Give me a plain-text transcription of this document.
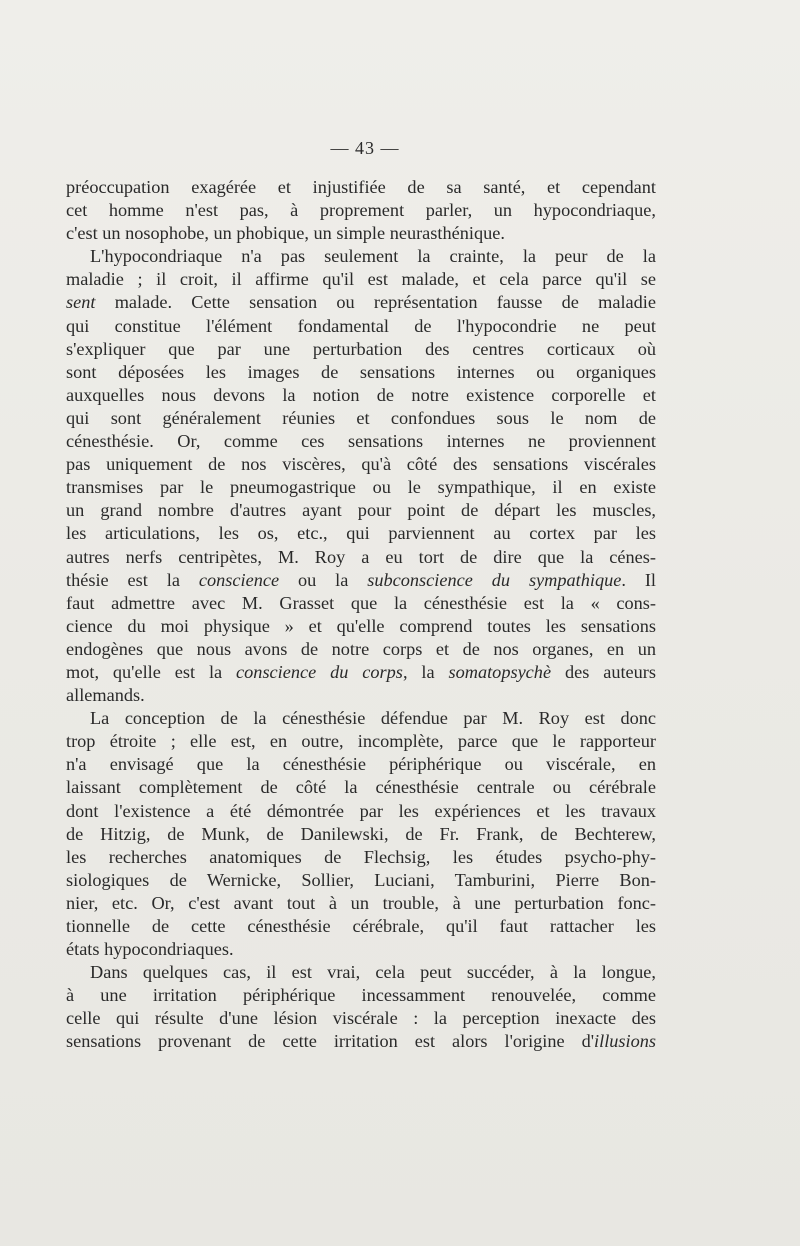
— 43 —
préoccupation exagérée et injustifiée de sa santé, et cependant
cet homme n'est pas, à proprement parler, un hypocondriaque,
c'est un nosophobe, un phobique, un simple neurasthénique.
L'hypocondriaque n'a pas seulement la crainte, la peur de la
maladie ; il croit, il affirme qu'il est malade, et cela parce qu'il se
sent malade. Cette sensation ou représentation fausse de maladie
qui constitue l'élément fondamental de l'hypocondrie ne peut
s'expliquer que par une perturbation des centres corticaux où
sont déposées les images de sensations internes ou organiques
auxquelles nous devons la notion de notre existence corporelle et
qui sont généralement réunies et confondues sous le nom de
cénesthésie. Or, comme ces sensations internes ne proviennent
pas uniquement de nos viscères, qu'à côté des sensations viscérales
transmises par le pneumogastrique ou le sympathique, il en existe
un grand nombre d'autres ayant pour point de départ les muscles,
les articulations, les os, etc., qui parviennent au cortex par les
autres nerfs centripètes, M. Roy a eu tort de dire que la cénes-
thésie est la conscience ou la subconscience du sympathique. Il
faut admettre avec M. Grasset que la cénesthésie est la « cons-
cience du moi physique » et qu'elle comprend toutes les sensations
endogènes que nous avons de notre corps et de nos organes, en un
mot, qu'elle est la conscience du corps, la somatopsychè des auteurs
allemands.
La conception de la cénesthésie défendue par M. Roy est donc
trop étroite ; elle est, en outre, incomplète, parce que le rapporteur
n'a envisagé que la cénesthésie périphérique ou viscérale, en
laissant complètement de côté la cénesthésie centrale ou cérébrale
dont l'existence a été démontrée par les expériences et les travaux
de Hitzig, de Munk, de Danilewski, de Fr. Frank, de Bechterew,
les recherches anatomiques de Flechsig, les études psycho-phy-
siologiques de Wernicke, Sollier, Luciani, Tamburini, Pierre Bon-
nier, etc. Or, c'est avant tout à un trouble, à une perturbation fonc-
tionnelle de cette cénesthésie cérébrale, qu'il faut rattacher les
états hypocondriaques.
Dans quelques cas, il est vrai, cela peut succéder, à la longue,
à une irritation périphérique incessamment renouvelée, comme
celle qui résulte d'une lésion viscérale : la perception inexacte des
sensations provenant de cette irritation est alors l'origine d'illusions
